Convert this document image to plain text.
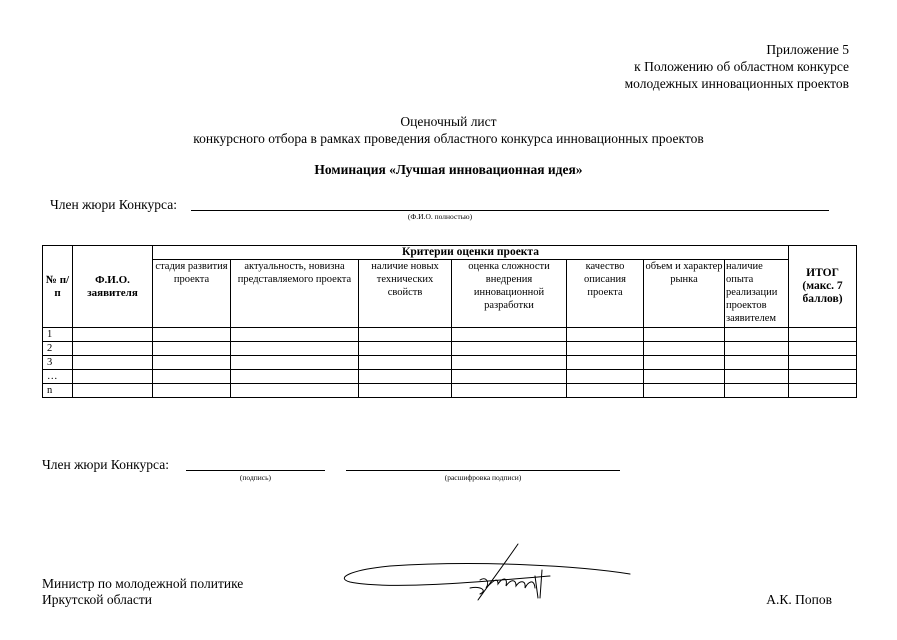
Приложение 5
к Положению об областном конкурсе
молодежных инновационных проектов
Оценочный лист
конкурсного отбора в рамках проведения областного конкурса инновационных проектов
Номинация «Лучшая инновационная идея»
Член жюри Конкурса:
(Ф.И.О. полностью)
№ п/п	Ф.И.О. заявителя	Критерии оценки проекта							ИТОГ (макс. 7 баллов)
		стадия развития проекта	актуальность, новизна представляемого проекта	наличие новых технических свойств	оценка сложности внедрения инновационной разработки	качество описания проекта	объем и характер рынка	наличие опыта реализации проектов заявителем	
1									
2									
3									
…									
n									
Член жюри Конкурса:
(подпись)	(расшифровка подписи)
Министр по молодежной политике
Иркутской области	А.К. Попов
